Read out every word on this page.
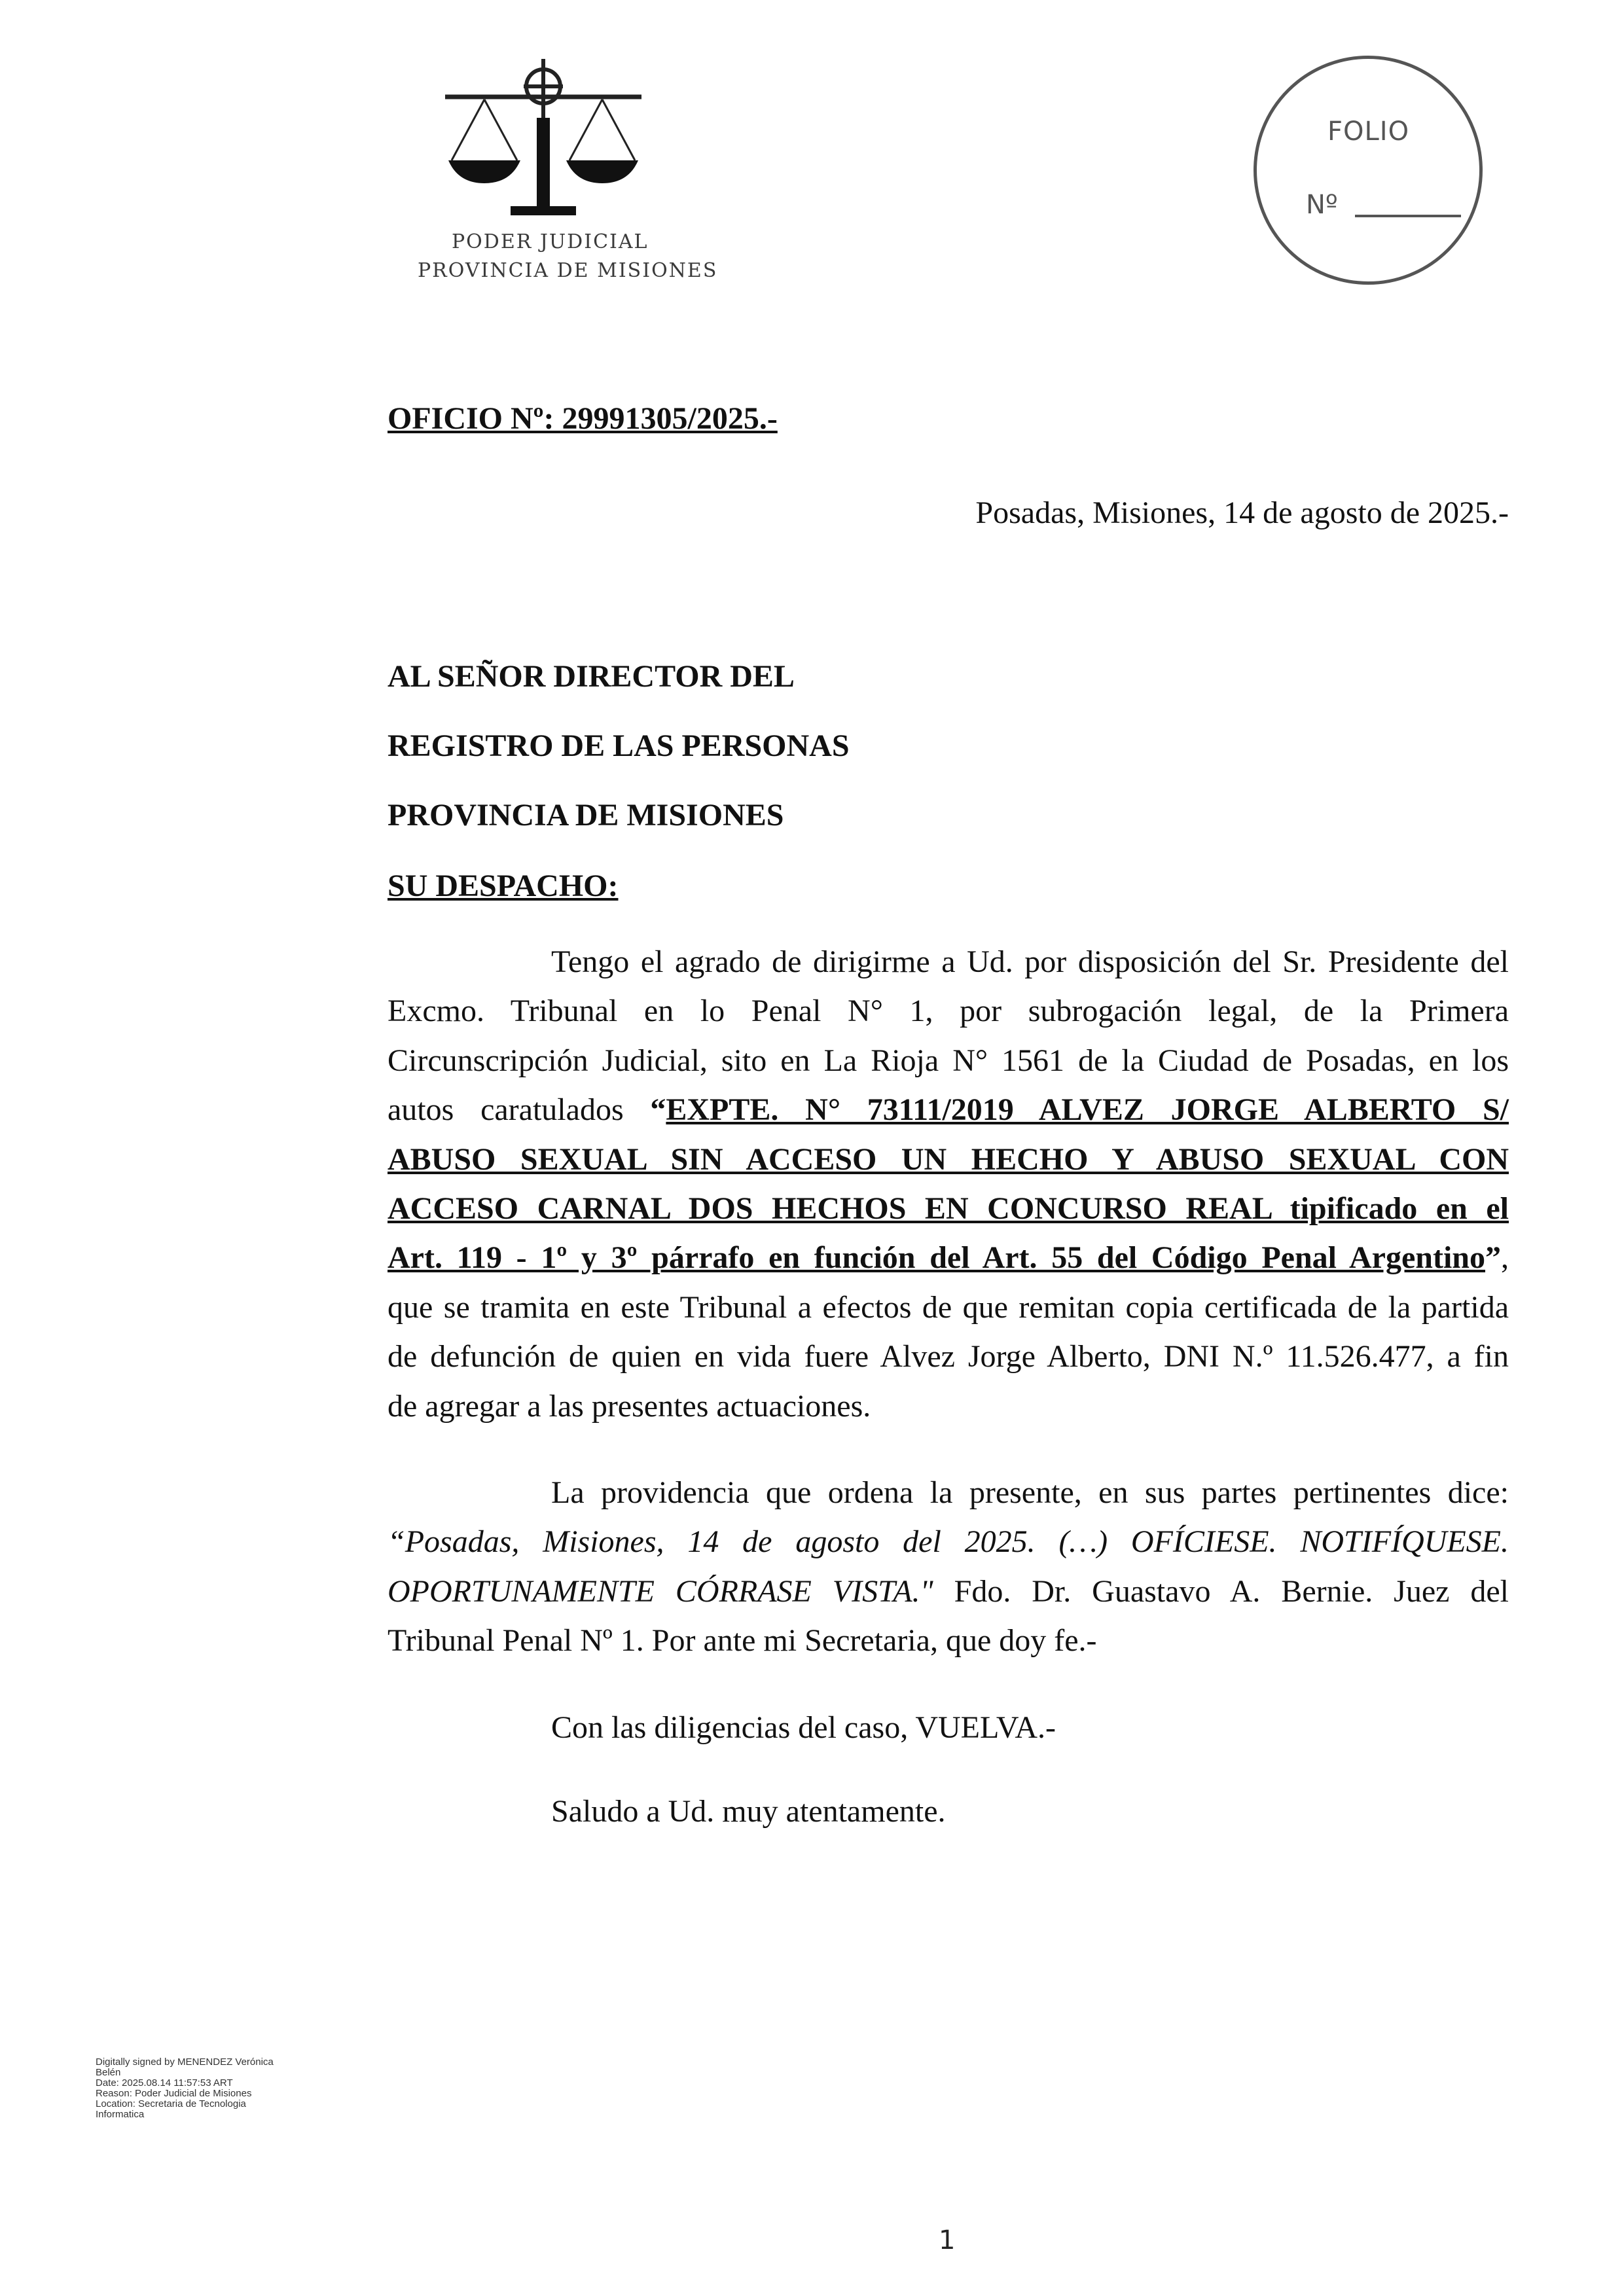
PODER JUDICIAL
PROVINCIA DE MISIONES
FOLIO
Nº
OFICIO Nº: 29991305/2025.-
Posadas, Misiones, 14 de agosto de 2025.-
AL SEÑOR DIRECTOR DEL
REGISTRO DE LAS PERSONAS
PROVINCIA DE MISIONES
SU DESPACHO:
Tengo el agrado de dirigirme a Ud. por disposición del Sr. Presidente del
Excmo. Tribunal en lo Penal N° 1, por subrogación legal, de la Primera
Circunscripción Judicial, sito en La Rioja N° 1561 de la Ciudad de Posadas, en los
autos caratulados “EXPTE. N° 73111/2019 ALVEZ JORGE ALBERTO S/
ABUSO SEXUAL SIN ACCESO UN HECHO Y ABUSO SEXUAL CON
ACCESO CARNAL DOS HECHOS EN CONCURSO REAL tipificado en el
Art. 119 - 1º y 3º párrafo en función del Art. 55 del Código Penal Argentino”,
que se tramita en este Tribunal a efectos de que remitan copia certificada de la partida
de defunción de quien en vida fuere Alvez Jorge Alberto, DNI N.º 11.526.477, a fin
de agregar a las presentes actuaciones.
La providencia que ordena la presente, en sus partes pertinentes dice:
“Posadas, Misiones, 14 de agosto del 2025. (…) OFÍCIESE. NOTIFÍQUESE.
OPORTUNAMENTE CÓRRASE VISTA." Fdo. Dr. Guastavo A. Bernie. Juez del
Tribunal Penal Nº 1. Por ante mi Secretaria, que doy fe.-
Con las diligencias del caso, VUELVA.-
Saludo a Ud. muy atentamente.
Digitally signed by MENENDEZ Verónica
Belén
Date: 2025.08.14 11:57:53 ART
Reason: Poder Judicial de Misiones
Location: Secretaria de Tecnologia
Informatica
1
